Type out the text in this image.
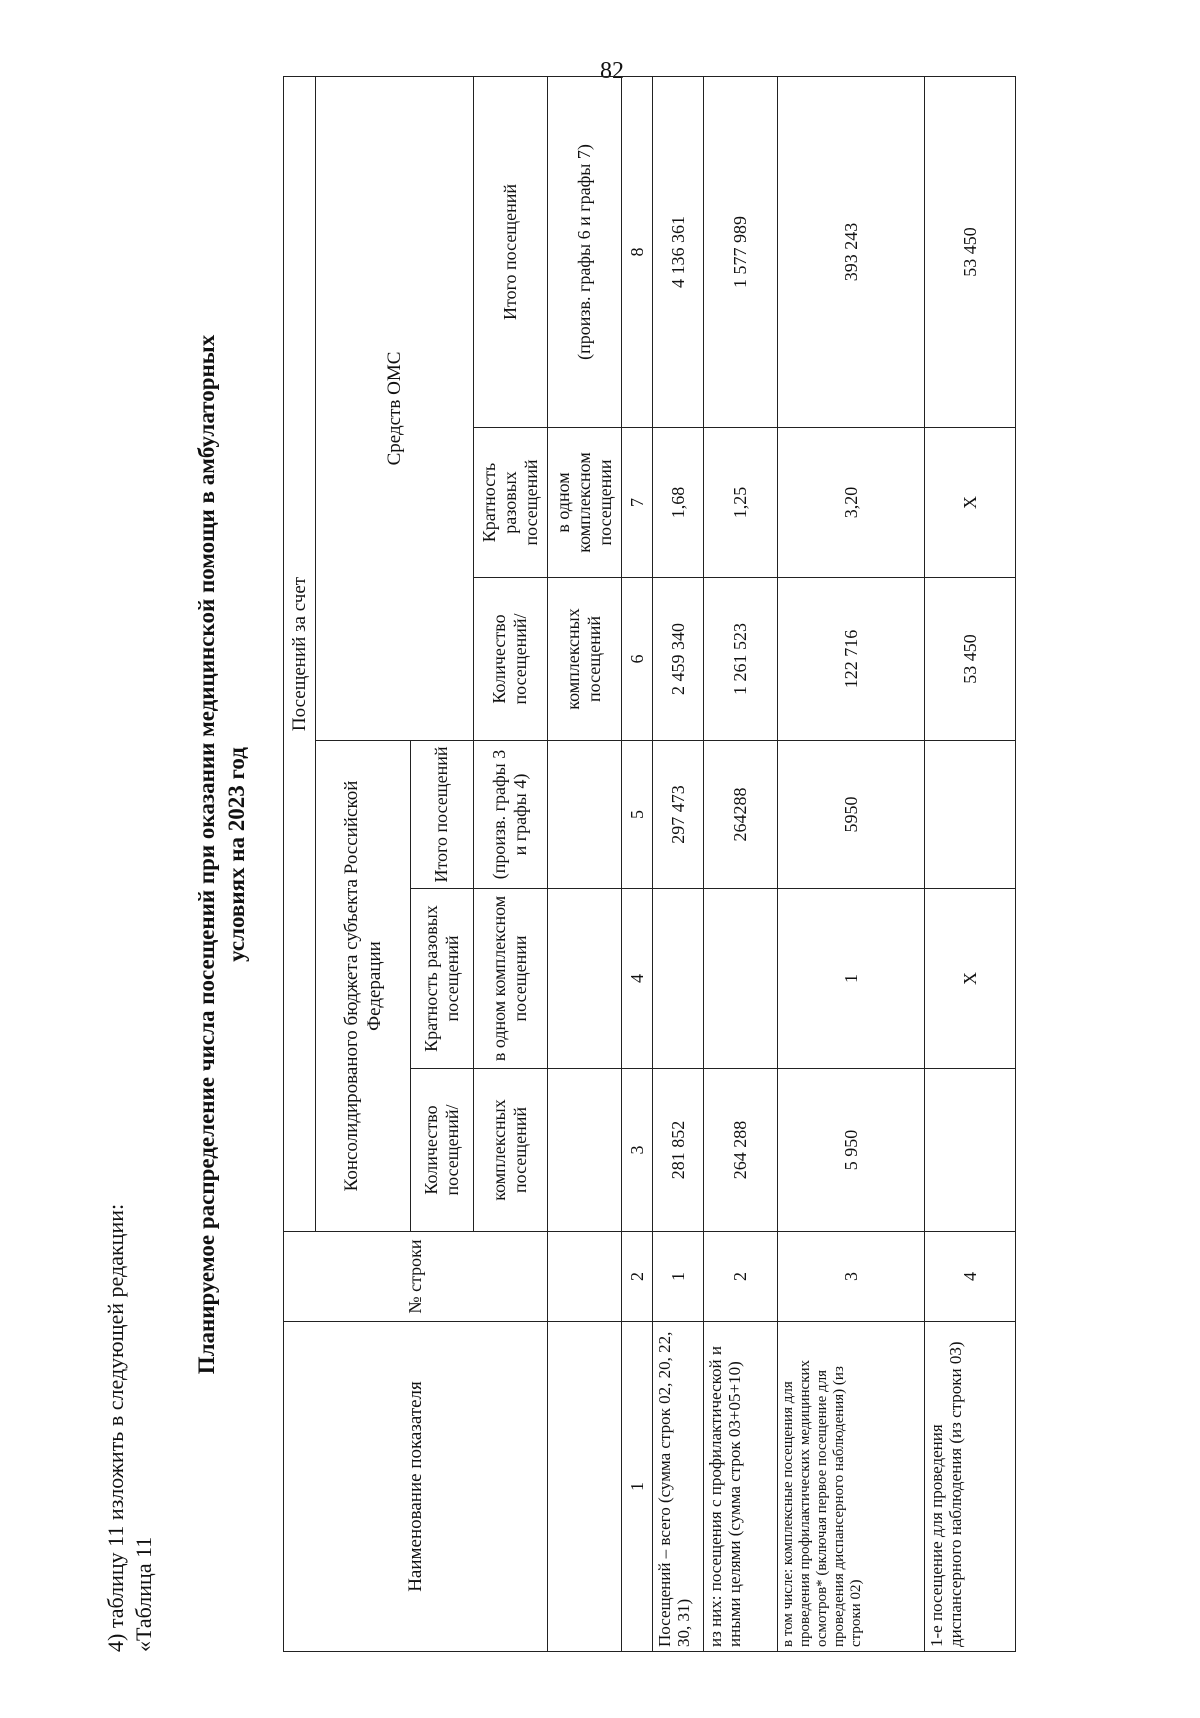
82
4) таблицу 11 изложить в следующей редакции: «Таблица 11
Планируемое распределение числа посещений при оказании медицинской помощи в амбулаторных условиях на 2023 год
Наименование показателя	№ строки	Посещений за счет					
		Консолидированого бюджета субъекта Российской Федерации			Средств ОМС		
		Количество посещений/	Кратность разовых посещений	Итого посещений			
		комплексных посещений	в одном комплексном посещении	(произв. графы 3 и графы 4)	Количество посещений/	Кратность разовых посещений	Итого посещений
					комплексных посещений	в одном комплексном посещении	(произв. графы 6 и графы 7)
1	2	3	4	5	6	7	8
Посещений – всего (сумма строк 02, 20, 22, 30, 31)	1	281 852		297 473	2 459 340	1,68	4 136 361
из них: посещения с профилактической и иными целями (сумма строк 03+05+10)	2	264 288		264288	1 261 523	1,25	1 577 989
в том числе: комплексные посещения для проведения профилактических медицинских осмотров* (включая первое посещение для проведения диспансерного наблюдения) (из строки 02)	3	5 950	1	5950	122 716	3,20	393 243
1-е посещение для проведения диспансерного наблюдения (из строки 03)	4		X		53 450	X	53 450
